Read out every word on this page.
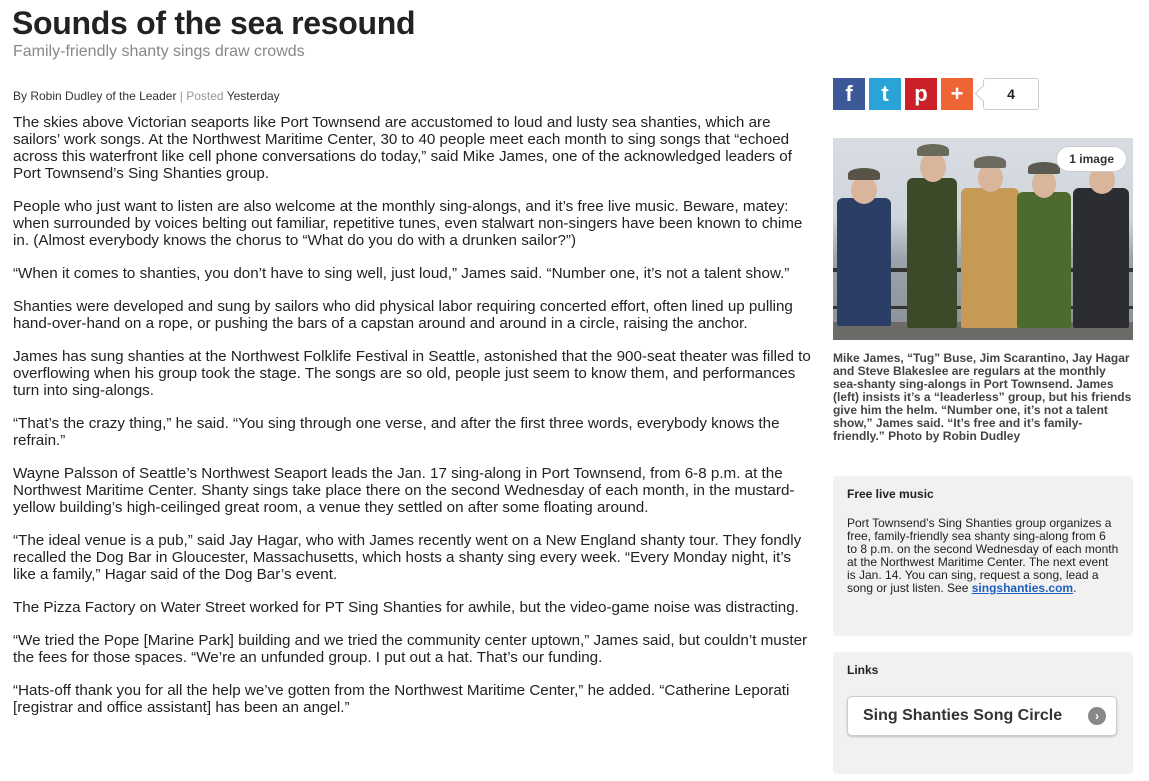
Sounds of the sea resound
Family-friendly shanty sings draw crowds
By Robin Dudley of the Leader | Posted Yesterday

The skies above Victorian seaports like Port Townsend are accustomed to loud and lusty sea shanties, which are sailors’ work songs. At the Northwest Maritime Center, 30 to 40 people meet each month to sing songs that “echoed across this waterfront like cell phone conversations do today,” said Mike James, one of the acknowledged leaders of Port Townsend’s Sing Shanties group.

People who just want to listen are also welcome at the monthly sing-alongs, and it’s free live music. Beware, matey: when surrounded by voices belting out familiar, repetitive tunes, even stalwart non-singers have been known to chime in. (Almost everybody knows the chorus to “What do you do with a drunken sailor?”)

“When it comes to shanties, you don’t have to sing well, just loud,” James said. “Number one, it’s not a talent show.”

Shanties were developed and sung by sailors who did physical labor requiring concerted effort, often lined up pulling hand-over-hand on a rope, or pushing the bars of a capstan around and around in a circle, raising the anchor.

James has sung shanties at the Northwest Folklife Festival in Seattle, astonished that the 900-seat theater was filled to overflowing when his group took the stage. The songs are so old, people just seem to know them, and performances turn into sing-alongs.

“That’s the crazy thing,” he said. “You sing through one verse, and after the first three words, everybody knows the refrain.”

Wayne Palsson of Seattle’s Northwest Seaport leads the Jan. 17 sing-along in Port Townsend, from 6-8 p.m. at the Northwest Maritime Center. Shanty sings take place there on the second Wednesday of each month, in the mustard-yellow building’s high-ceilinged great room, a venue they settled on after some floating around.

“The ideal venue is a pub,” said Jay Hagar, who with James recently went on a New England shanty tour. They fondly recalled the Dog Bar in Gloucester, Massachusetts, which hosts a shanty sing every week. “Every Monday night, it’s like a family,” Hagar said of the Dog Bar’s event.

The Pizza Factory on Water Street worked for PT Sing Shanties for awhile, but the video-game noise was distracting.

“We tried the Pope [Marine Park] building and we tried the community center uptown,” James said, but couldn’t muster the fees for those spaces. “We’re an unfunded group. I put out a hat. That’s our funding.

“Hats-off thank you for all the help we’ve gotten from the Northwest Maritime Center,” he added. “Catherine Leporati [registrar and office assistant] has been an angel.”

f t p +	4
1 image
Mike James, “Tug” Buse, Jim Scarantino, Jay Hagar and Steve Blakeslee are regulars at the monthly sea-shanty sing-alongs in Port Townsend. James (left) insists it’s a “leaderless” group, but his friends give him the helm. “Number one, it’s not a talent show,” James said. “It’s free and it’s family-friendly.” Photo by Robin Dudley
Free live music
Port Townsend’s Sing Shanties group organizes a free, family-friendly sea shanty sing-along from 6 to 8 p.m. on the second Wednesday of each month at the Northwest Maritime Center. The next event is Jan. 14. You can sing, request a song, lead a song or just listen. See singshanties.com.
Links
Sing Shanties Song Circle	›
